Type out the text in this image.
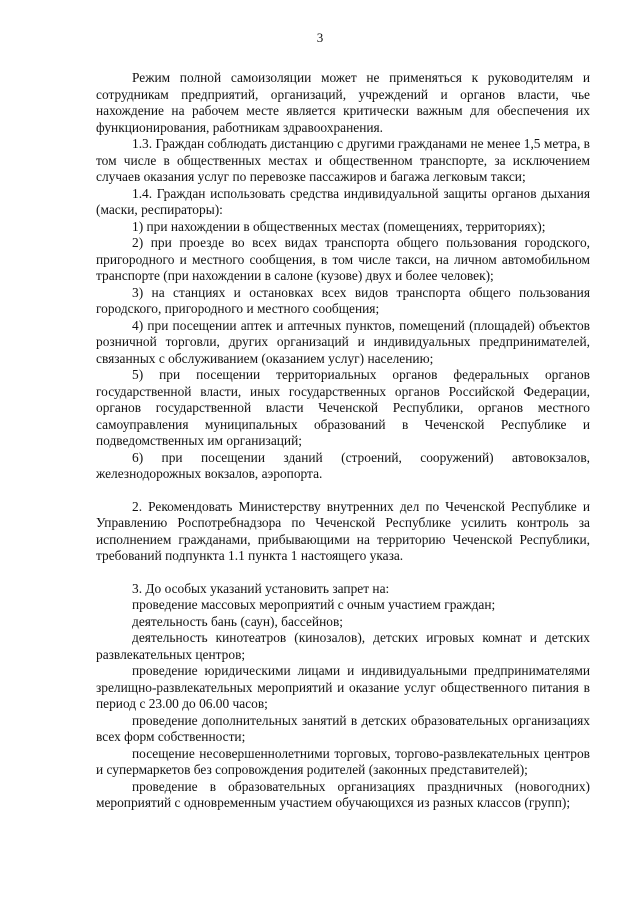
3

Режим полной самоизоляции может не применяться к руководителям и сотрудникам предприятий, организаций, учреждений и органов власти, чье нахождение на рабочем месте является критически важным для обеспечения их функционирования, работникам здравоохранения.

1.3. Граждан соблюдать дистанцию с другими гражданами не менее 1,5 метра, в том числе в общественных местах и общественном транспорте, за исключением случаев оказания услуг по перевозке пассажиров и багажа легковым такси;

1.4. Граждан использовать средства индивидуальной защиты органов дыхания (маски, респираторы):

1) при нахождении в общественных местах (помещениях, территориях);

2) при проезде во всех видах транспорта общего пользования городского, пригородного и местного сообщения, в том числе такси, на личном автомобильном транспорте (при нахождении в салоне (кузове) двух и более человек);

3) на станциях и остановках всех видов транспорта общего пользования городского, пригородного и местного сообщения;

4) при посещении аптек и аптечных пунктов, помещений (площадей) объектов розничной торговли, других организаций и индивидуальных предпринимателей, связанных с обслуживанием (оказанием услуг) населению;

5) при посещении территориальных органов федеральных органов государственной власти, иных государственных органов Российской Федерации, органов государственной власти Чеченской Республики, органов местного самоуправления муниципальных образований в Чеченской Республике и подведомственных им организаций;

6) при посещении зданий (строений, сооружений) автовокзалов, железнодорожных вокзалов, аэропорта.

2. Рекомендовать Министерству внутренних дел по Чеченской Республике и Управлению Роспотребнадзора по Чеченской Республике усилить контроль за исполнением гражданами, прибывающими на территорию Чеченской Республики, требований подпункта 1.1 пункта 1 настоящего указа.

3. До особых указаний установить запрет на:

проведение массовых мероприятий с очным участием граждан;

деятельность бань (саун), бассейнов;

деятельность кинотеатров (кинозалов), детских игровых комнат и детских развлекательных центров;

проведение юридическими лицами и индивидуальными предпринимателями зрелищно-развлекательных мероприятий и оказание услуг общественного питания в период с 23.00 до 06.00 часов;

проведение дополнительных занятий в детских образовательных организациях всех форм собственности;

посещение несовершеннолетними торговых, торгово-развлекательных центров и супермаркетов без сопровождения родителей (законных представителей);

проведение в образовательных организациях праздничных (новогодних) мероприятий с одновременным участием обучающихся из разных классов (групп);
